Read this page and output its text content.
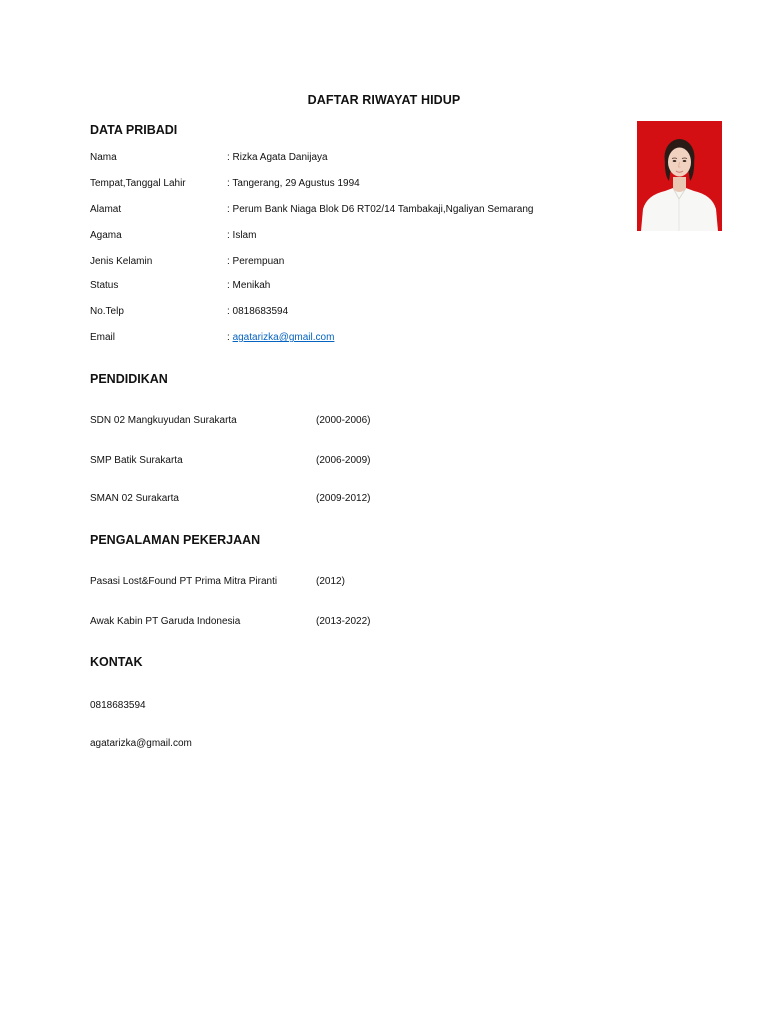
DAFTAR RIWAYAT HIDUP
DATA PRIBADI
Nama	: Rizka Agata Danijaya
Tempat,Tanggal Lahir	: Tangerang, 29 Agustus 1994
Alamat	: Perum Bank Niaga Blok D6 RT02/14 Tambakaji,Ngaliyan Semarang
Agama	: Islam
Jenis Kelamin	: Perempuan
Status	: Menikah
No.Telp	: 0818683594
Email	: agatarizka@gmail.com
PENDIDIKAN
SDN 02 Mangkuyudan Surakarta	(2000-2006)
SMP Batik Surakarta	(2006-2009)
SMAN 02 Surakarta	(2009-2012)
PENGALAMAN PEKERJAAN
Pasasi Lost&Found PT Prima Mitra Piranti	(2012)
Awak Kabin PT Garuda Indonesia	(2013-2022)
KONTAK
0818683594
agatarizka@gmail.com
